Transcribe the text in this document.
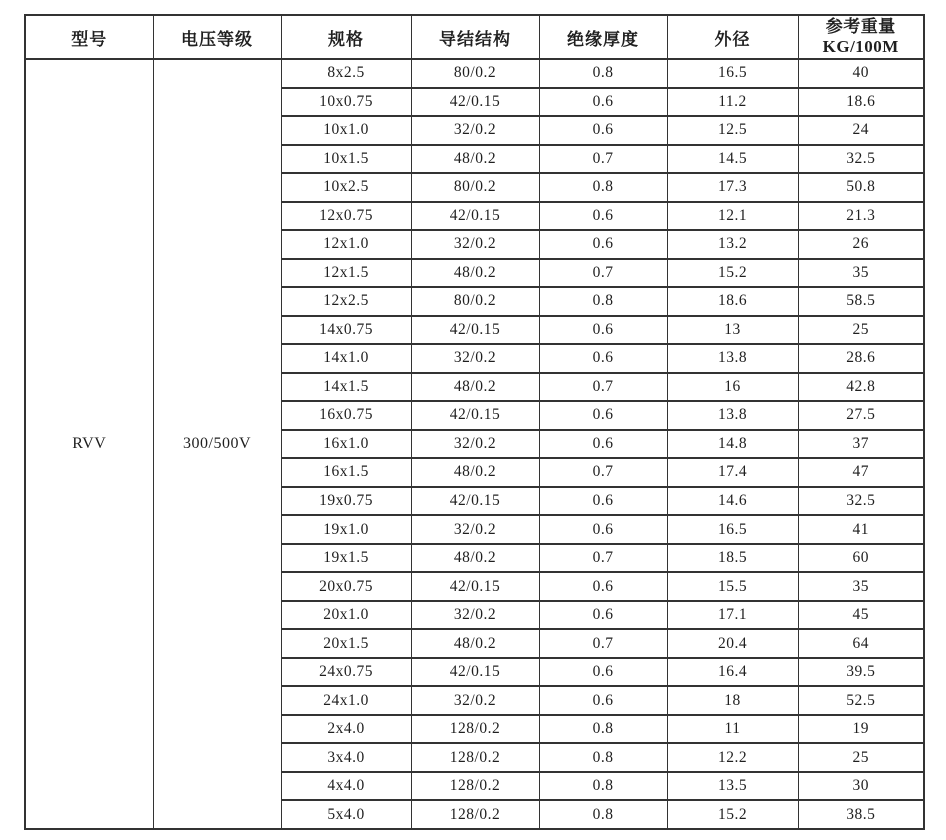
型号	电压等级	规格	导结结构	绝缘厚度	外径	参考重量
KG/100M

RVV	300/500V	8x2.5	80/0.2	0.8	16.5	40
		10x0.75	42/0.15	0.6	11.2	18.6
		10x1.0	32/0.2	0.6	12.5	24
		10x1.5	48/0.2	0.7	14.5	32.5
		10x2.5	80/0.2	0.8	17.3	50.8
		12x0.75	42/0.15	0.6	12.1	21.3
		12x1.0	32/0.2	0.6	13.2	26
		12x1.5	48/0.2	0.7	15.2	35
		12x2.5	80/0.2	0.8	18.6	58.5
		14x0.75	42/0.15	0.6	13	25
		14x1.0	32/0.2	0.6	13.8	28.6
		14x1.5	48/0.2	0.7	16	42.8
		16x0.75	42/0.15	0.6	13.8	27.5
		16x1.0	32/0.2	0.6	14.8	37
		16x1.5	48/0.2	0.7	17.4	47
		19x0.75	42/0.15	0.6	14.6	32.5
		19x1.0	32/0.2	0.6	16.5	41
		19x1.5	48/0.2	0.7	18.5	60
		20x0.75	42/0.15	0.6	15.5	35
		20x1.0	32/0.2	0.6	17.1	45
		20x1.5	48/0.2	0.7	20.4	64
		24x0.75	42/0.15	0.6	16.4	39.5
		24x1.0	32/0.2	0.6	18	52.5
		2x4.0	128/0.2	0.8	11	19
		3x4.0	128/0.2	0.8	12.2	25
		4x4.0	128/0.2	0.8	13.5	30
		5x4.0	128/0.2	0.8	15.2	38.5
